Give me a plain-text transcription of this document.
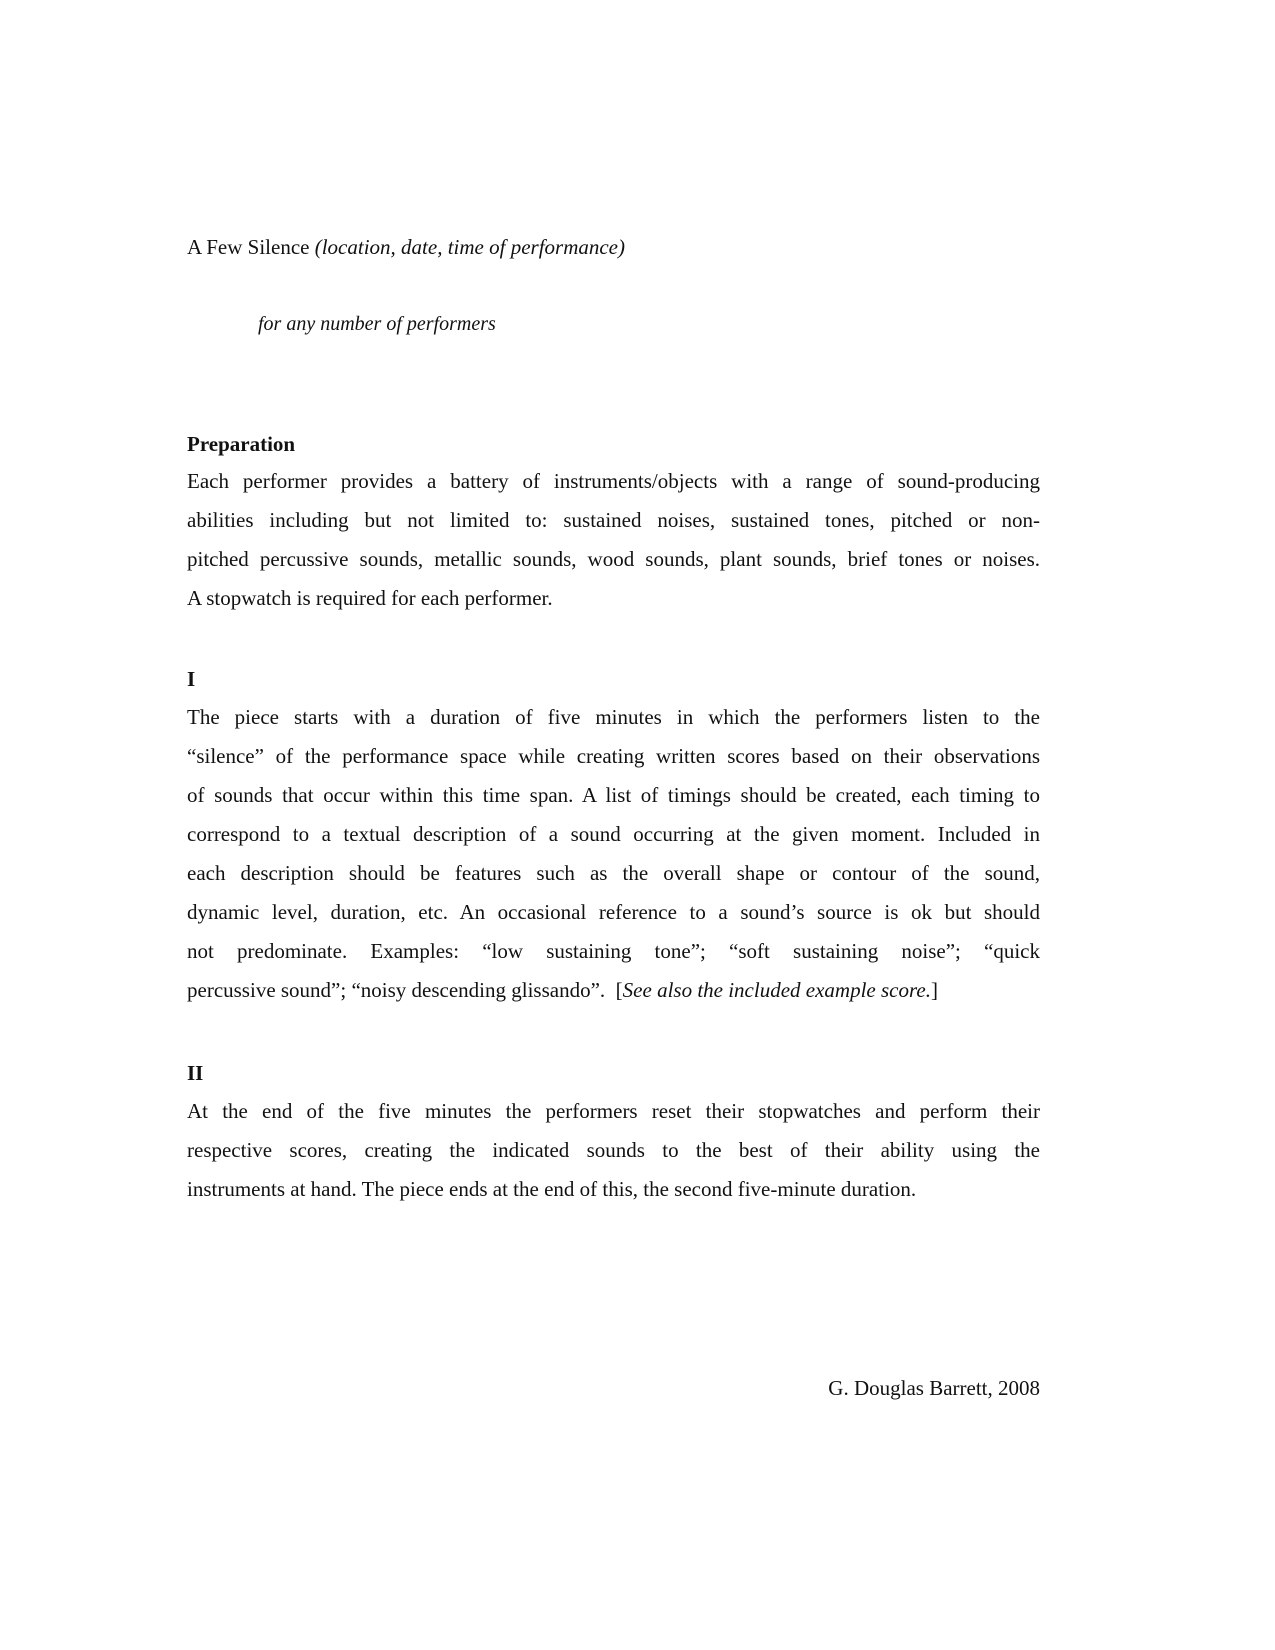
A Few Silence (location, date, time of performance)
for any number of performers
Preparation
Each performer provides a battery of instruments/objects with a range of sound-producing
abilities including but not limited to: sustained noises, sustained tones, pitched or non-
pitched percussive sounds, metallic sounds, wood sounds, plant sounds, brief tones or noises.
A stopwatch is required for each performer.
I
The piece starts with a duration of five minutes in which the performers listen to the
“silence” of the performance space while creating written scores based on their observations
of sounds that occur within this time span. A list of timings should be created, each timing to
correspond to a textual description of a sound occurring at the given moment. Included in
each description should be features such as the overall shape or contour of the sound,
dynamic level, duration, etc. An occasional reference to a sound’s source is ok but should
not predominate. Examples: “low sustaining tone”; “soft sustaining noise”; “quick
percussive sound”; “noisy descending glissando”.  [See also the included example score.]
II
At the end of the five minutes the performers reset their stopwatches and perform their
respective scores, creating the indicated sounds to the best of their ability using the
instruments at hand. The piece ends at the end of this, the second five-minute duration.
G. Douglas Barrett, 2008
